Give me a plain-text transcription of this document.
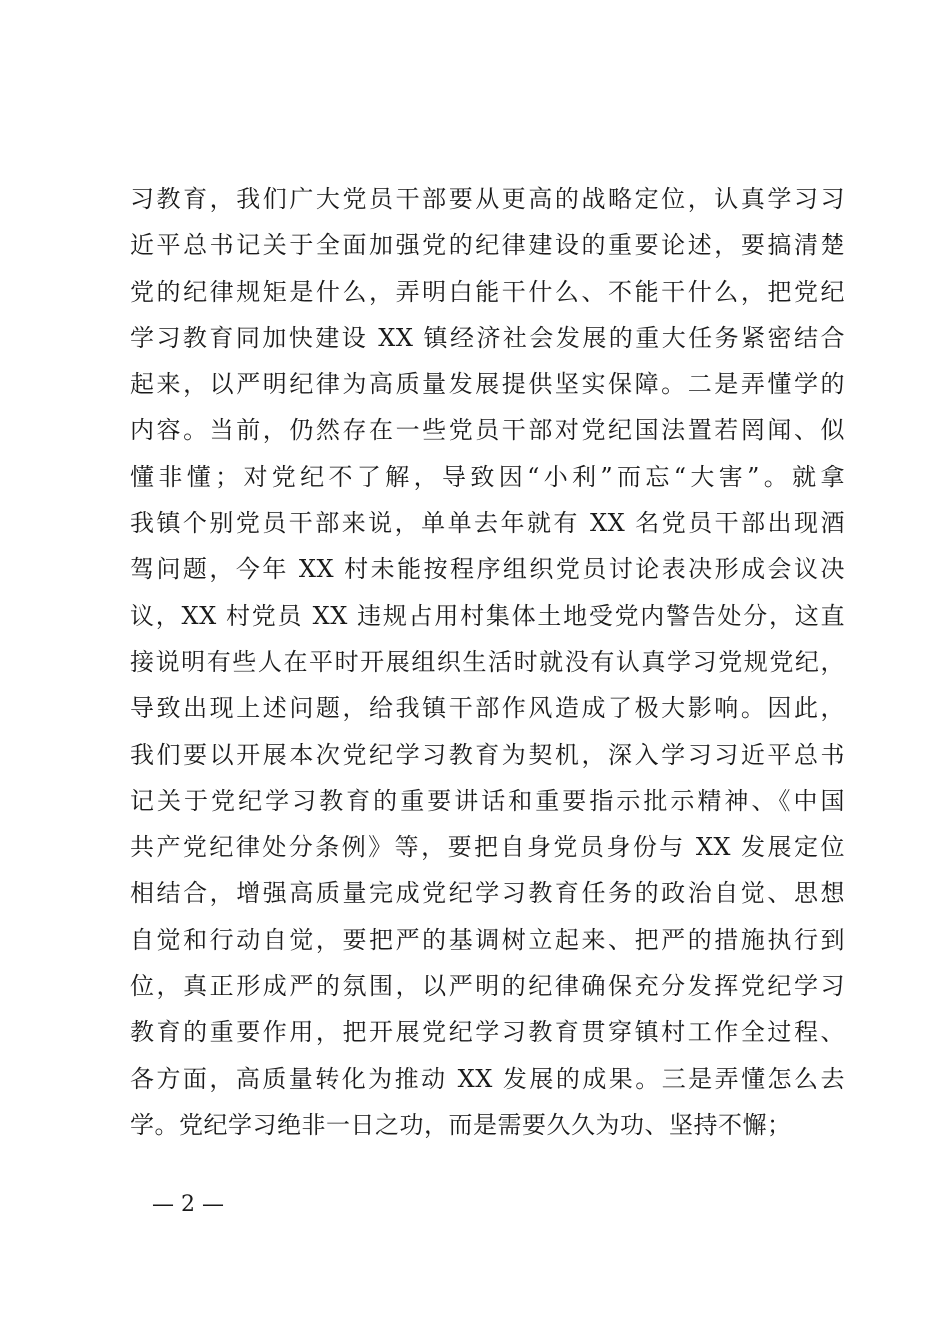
习教育，我们广大党员干部要从更高的战略定位，认真学习习
近平总书记关于全面加强党的纪律建设的重要论述，要搞清楚
党的纪律规矩是什么，弄明白能干什么、不能干什么，把党纪
学习教育同加快建设 XX 镇经济社会发展的重大任务紧密结合
起来，以严明纪律为高质量发展提供坚实保障。二是弄懂学的
内容。当前，仍然存在一些党员干部对党纪国法置若罔闻、似
懂非懂；对党纪不了解，导致因“小利”而忘“大害”。就拿
我镇个别党员干部来说，单单去年就有 XX 名党员干部出现酒
驾问题，今年 XX 村未能按程序组织党员讨论表决形成会议决
议，XX 村党员 XX 违规占用村集体土地受党内警告处分，这直
接说明有些人在平时开展组织生活时就没有认真学习党规党纪，
导致出现上述问题，给我镇干部作风造成了极大影响。因此，
我们要以开展本次党纪学习教育为契机，深入学习习近平总书
记关于党纪学习教育的重要讲话和重要指示批示精神、《中国
共产党纪律处分条例》等，要把自身党员身份与 XX 发展定位
相结合，增强高质量完成党纪学习教育任务的政治自觉、思想
自觉和行动自觉，要把严的基调树立起来、把严的措施执行到
位，真正形成严的氛围，以严明的纪律确保充分发挥党纪学习
教育的重要作用，把开展党纪学习教育贯穿镇村工作全过程、
各方面，高质量转化为推动 XX 发展的成果。三是弄懂怎么去
学。党纪学习绝非一日之功，而是需要久久为功、坚持不懈；
— 2 —
